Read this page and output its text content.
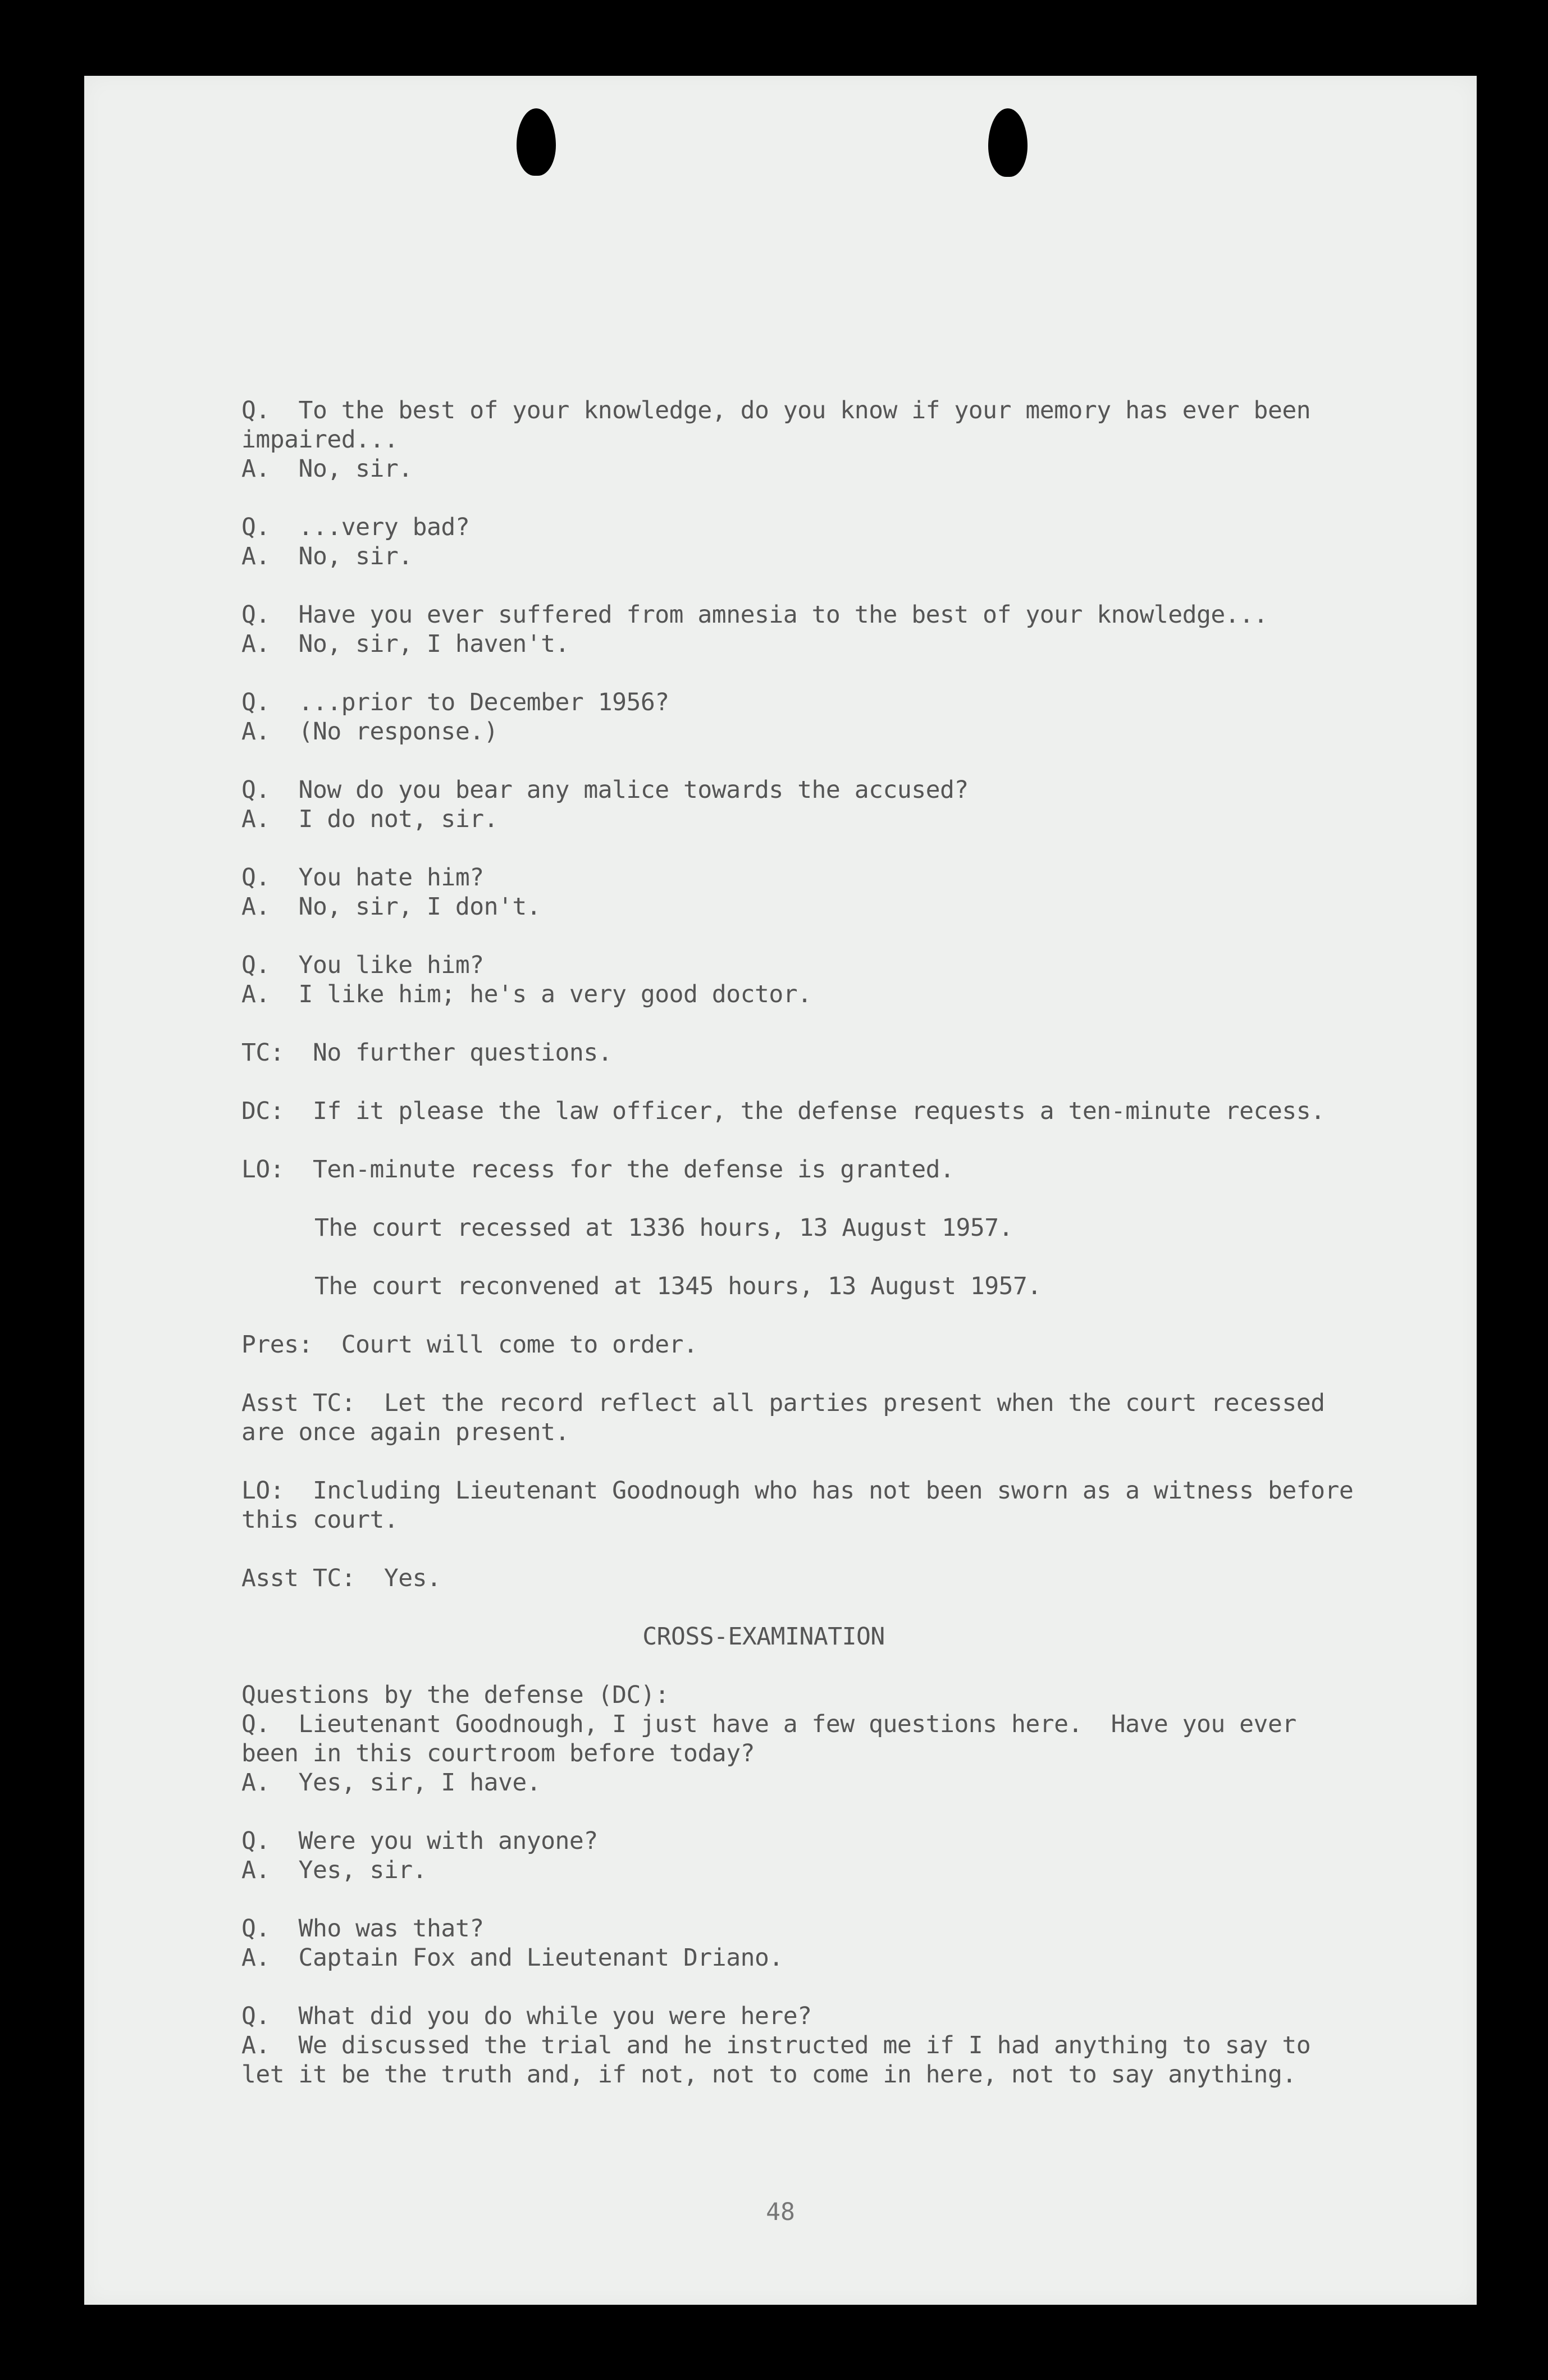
Q.  To the best of your knowledge, do you know if your memory has ever been
impaired...
A.  No, sir.
Q.  ...very bad?
A.  No, sir.
Q.  Have you ever suffered from amnesia to the best of your knowledge...
A.  No, sir, I haven't.
Q.  ...prior to December 1956?
A.  (No response.)
Q.  Now do you bear any malice towards the accused?
A.  I do not, sir.
Q.  You hate him?
A.  No, sir, I don't.
Q.  You like him?
A.  I like him; he's a very good doctor.
TC:  No further questions.
DC:  If it please the law officer, the defense requests a ten-minute recess.
LO:  Ten-minute recess for the defense is granted.
The court recessed at 1336 hours, 13 August 1957.
The court reconvened at 1345 hours, 13 August 1957.
Pres:  Court will come to order.
Asst TC:  Let the record reflect all parties present when the court recessed
are once again present.
LO:  Including Lieutenant Goodnough who has not been sworn as a witness before
this court.
Asst TC:  Yes.
CROSS-EXAMINATION
Questions by the defense (DC):
Q.  Lieutenant Goodnough, I just have a few questions here.  Have you ever
been in this courtroom before today?
A.  Yes, sir, I have.
Q.  Were you with anyone?
A.  Yes, sir.
Q.  Who was that?
A.  Captain Fox and Lieutenant Driano.
Q.  What did you do while you were here?
A.  We discussed the trial and he instructed me if I had anything to say to
let it be the truth and, if not, not to come in here, not to say anything.
48
